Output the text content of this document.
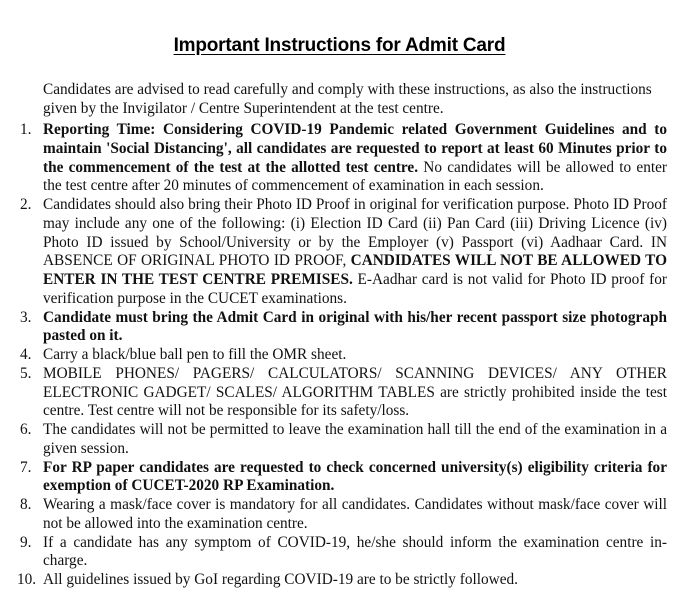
Important Instructions for Admit Card

Candidates are advised to read carefully and comply with these instructions, as also the instructions given by the Invigilator / Centre Superintendent at the test centre.

1. Reporting Time: Considering COVID-19 Pandemic related Government Guidelines and to maintain 'Social Distancing', all candidates are requested to report at least 60 Minutes prior to the commencement of the test at the allotted test centre. No candidates will be allowed to enter the test centre after 20 minutes of commencement of examination in each session.
2. Candidates should also bring their Photo ID Proof in original for verification purpose. Photo ID Proof may include any one of the following: (i) Election ID Card (ii) Pan Card (iii) Driving Licence (iv) Photo ID issued by School/University or by the Employer (v) Passport (vi) Aadhaar Card. IN ABSENCE OF ORIGINAL PHOTO ID PROOF, CANDIDATES WILL NOT BE ALLOWED TO ENTER IN THE TEST CENTRE PREMISES. E-Aadhar card is not valid for Photo ID proof for verification purpose in the CUCET examinations.
3. Candidate must bring the Admit Card in original with his/her recent passport size photograph pasted on it.
4. Carry a black/blue ball pen to fill the OMR sheet.
5. MOBILE PHONES/ PAGERS/ CALCULATORS/ SCANNING DEVICES/ ANY OTHER ELECTRONIC GADGET/ SCALES/ ALGORITHM TABLES are strictly prohibited inside the test centre. Test centre will not be responsible for its safety/loss.
6. The candidates will not be permitted to leave the examination hall till the end of the examination in a given session.
7. For RP paper candidates are requested to check concerned university(s) eligibility criteria for exemption of CUCET-2020 RP Examination.
8. Wearing a mask/face cover is mandatory for all candidates. Candidates without mask/face cover will not be allowed into the examination centre.
9. If a candidate has any symptom of COVID-19, he/she should inform the examination centre in-charge.
10. All guidelines issued by GoI regarding COVID-19 are to be strictly followed.
